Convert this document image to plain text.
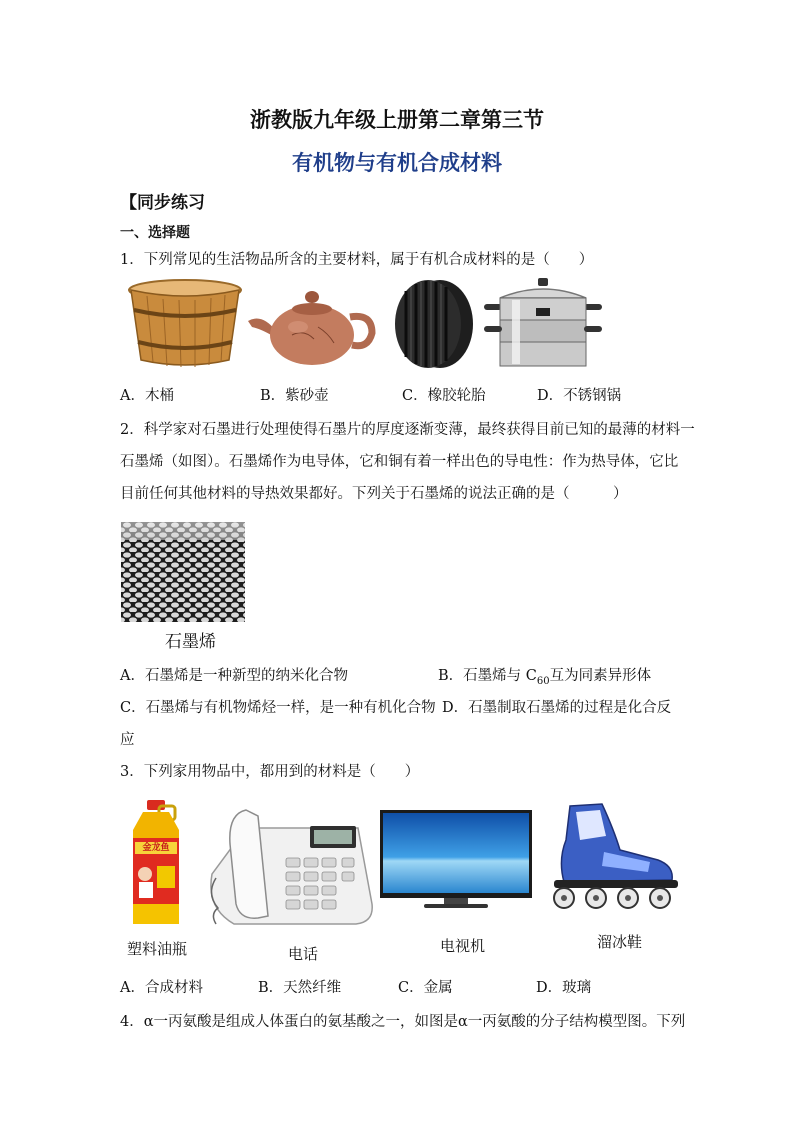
浙教版九年级上册第二章第三节
有机物与有机合成材料
【同步练习
一、选择题
1．下列常见的生活物品所含的主要材料，属于有机合成材料的是（　　）
A．木桶	B．紫砂壶	C．橡胶轮胎	D．不锈钢锅
2．科学家对石墨进行处理使得石墨片的厚度逐渐变薄，最终获得目前已知的最薄的材料一
石墨烯（如图）。石墨烯作为电导体，它和铜有着一样出色的导电性：作为热导体，它比
目前任何其他材料的导热效果都好。下列关于石墨烯的说法正确的是（　　　）
石墨烯
A．石墨烯是一种新型的纳米化合物	B．石墨烯与 $C_{60}$互为同素异形体
C．石墨烯与有机物烯烃一样，是一种有机化合物 D．石墨制取石墨烯的过程是化合反
应
3．下列家用物品中，都用到的材料是（　　）
金龙鱼
塑料油瓶	电话	电视机	溜冰鞋
A．合成材料	B．天然纤维	C．金属	D．玻璃
4．α一丙氨酸是组成人体蛋白的氨基酸之一，如图是α一丙氨酸的分子结构模型图。下列
